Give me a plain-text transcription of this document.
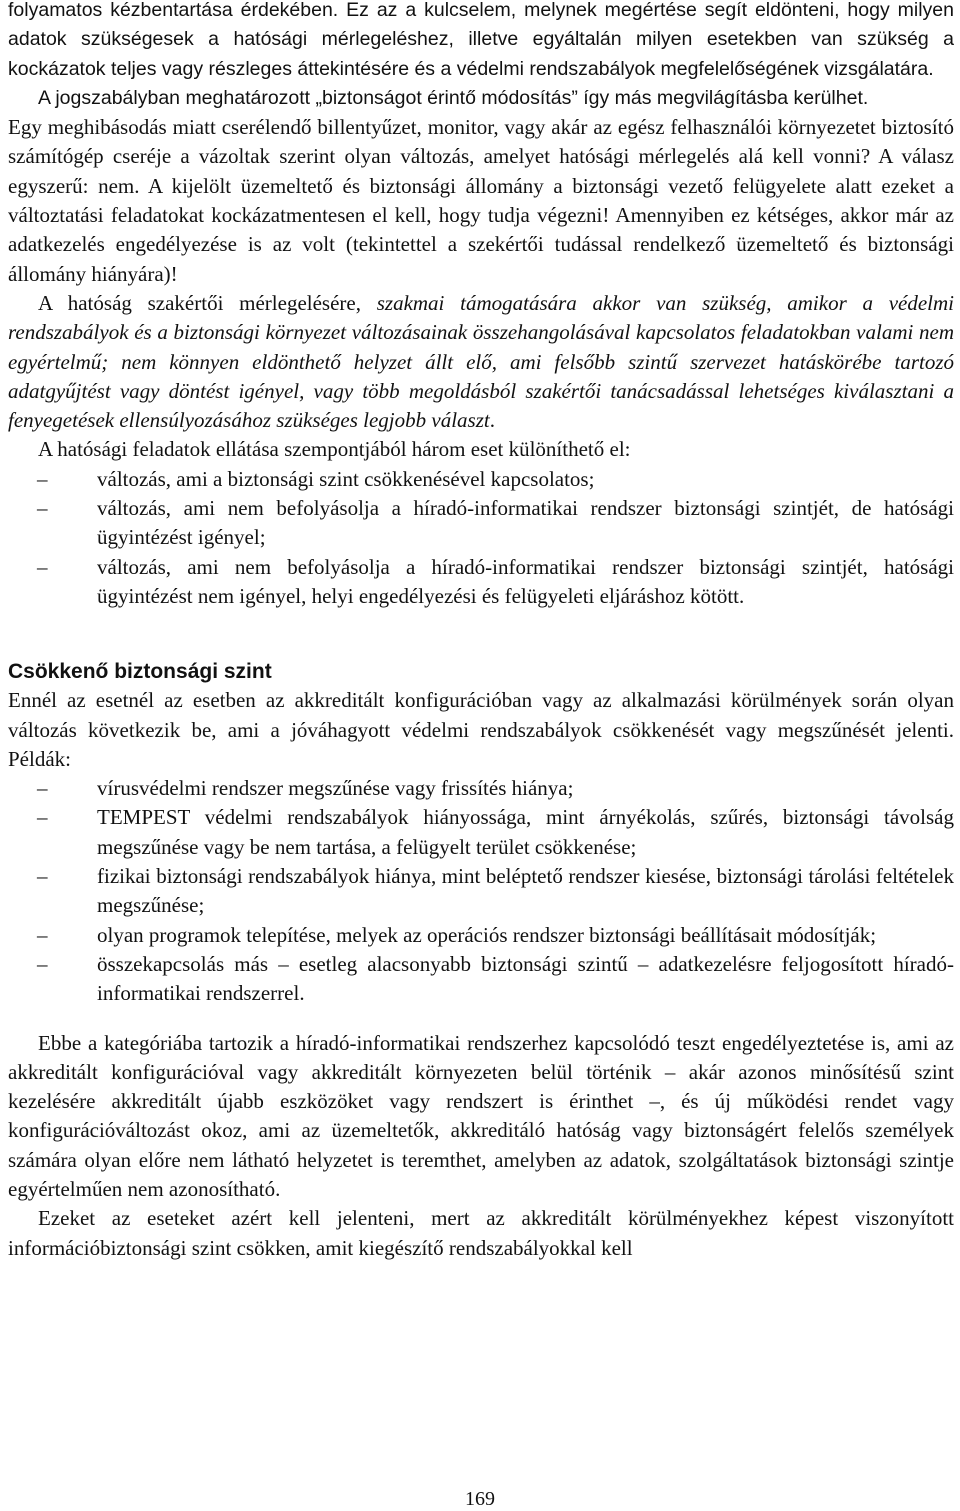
folyamatos kézbentartása érdekében. Ez az a kulcselem, melynek megértése segít eldönteni, hogy milyen adatok szükségesek a hatósági mérlegeléshez, illetve egyáltalán milyen esetekben van szükség a kockázatok teljes vagy részleges áttekintésére és a védelmi rendszabályok megfelelőségének vizsgálatára.

A jogszabályban meghatározott „biztonságot érintő módosítás” így más megvilágításba kerülhet.

Egy meghibásodás miatt cserélendő billentyűzet, monitor, vagy akár az egész felhasználói környezetet biztosító számítógép cseréje a vázoltak szerint olyan változás, amelyet hatósági mérlegelés alá kell vonni? A válasz egyszerű: nem. A kijelölt üzemeltető és biztonsági állomány a biztonsági vezető felügyelete alatt ezeket a változtatási feladatokat kockázatmentesen el kell, hogy tudja végezni! Amennyiben ez kétséges, akkor már az adatkezelés engedélyezése is az volt (tekintettel a szekértői tudással rendelkező üzemeltető és biztonsági állomány hiányára)!

A hatóság szakértői mérlegelésére, szakmai támogatására akkor van szükség, amikor a védelmi rendszabályok és a biztonsági környezet változásainak összehangolásával kapcsolatos feladatokban valami nem egyértelmű; nem könnyen eldönthető helyzet állt elő, ami felsőbb szintű szervezet hatáskörébe tartozó adatgyűjtést vagy döntést igényel, vagy több megoldásból szakértői tanácsadással lehetséges kiválasztani a fenyegetések ellensúlyozásához szükséges legjobb választ.

A hatósági feladatok ellátása szempontjából három eset különíthető el:

– változás, ami a biztonsági szint csökkenésével kapcsolatos;
– változás, ami nem befolyásolja a híradó-informatikai rendszer biztonsági szintjét, de hatósági ügyintézést igényel;
– változás, ami nem befolyásolja a híradó-informatikai rendszer biztonsági szintjét, hatósági ügyintézést nem igényel, helyi engedélyezési és felügyeleti eljáráshoz kötött.
Csökkenő biztonsági szint

Ennél az esetnél az esetben az akkreditált konfigurációban vagy az alkalmazási körülmények során olyan változás következik be, ami a jóváhagyott védelmi rendszabályok csökkenését vagy megszűnését jelenti. Példák:

– vírusvédelmi rendszer megszűnése vagy frissítés hiánya;
– TEMPEST védelmi rendszabályok hiányossága, mint árnyékolás, szűrés, biztonsági távolság megszűnése vagy be nem tartása, a felügyelt terület csökkenése;
– fizikai biztonsági rendszabályok hiánya, mint beléptető rendszer kiesése, biztonsági tárolási feltételek megszűnése;
– olyan programok telepítése, melyek az operációs rendszer biztonsági beállításait módosítják;
– összekapcsolás más – esetleg alacsonyabb biztonsági szintű – adatkezelésre feljogosított híradó-informatikai rendszerrel.

Ebbe a kategóriába tartozik a híradó-informatikai rendszerhez kapcsolódó teszt engedélyeztetése is, ami az akkreditált konfigurációval vagy akkreditált környezeten belül történik – akár azonos minősítésű szint kezelésére akkreditált újabb eszközöket vagy rendszert is érinthet –, és új működési rendet vagy konfigurációváltozást okoz, ami az üzemeltetők, akkreditáló hatóság vagy biztonságért felelős személyek számára olyan előre nem látható helyzetet is teremthet, amelyben az adatok, szolgáltatások biztonsági szintje egyértelműen nem azonosítható.

Ezeket az eseteket azért kell jelenteni, mert az akkreditált körülményekhez képest viszonyított információbiztonsági szint csökken, amit kiegészítő rendszabályokkal kell

169
